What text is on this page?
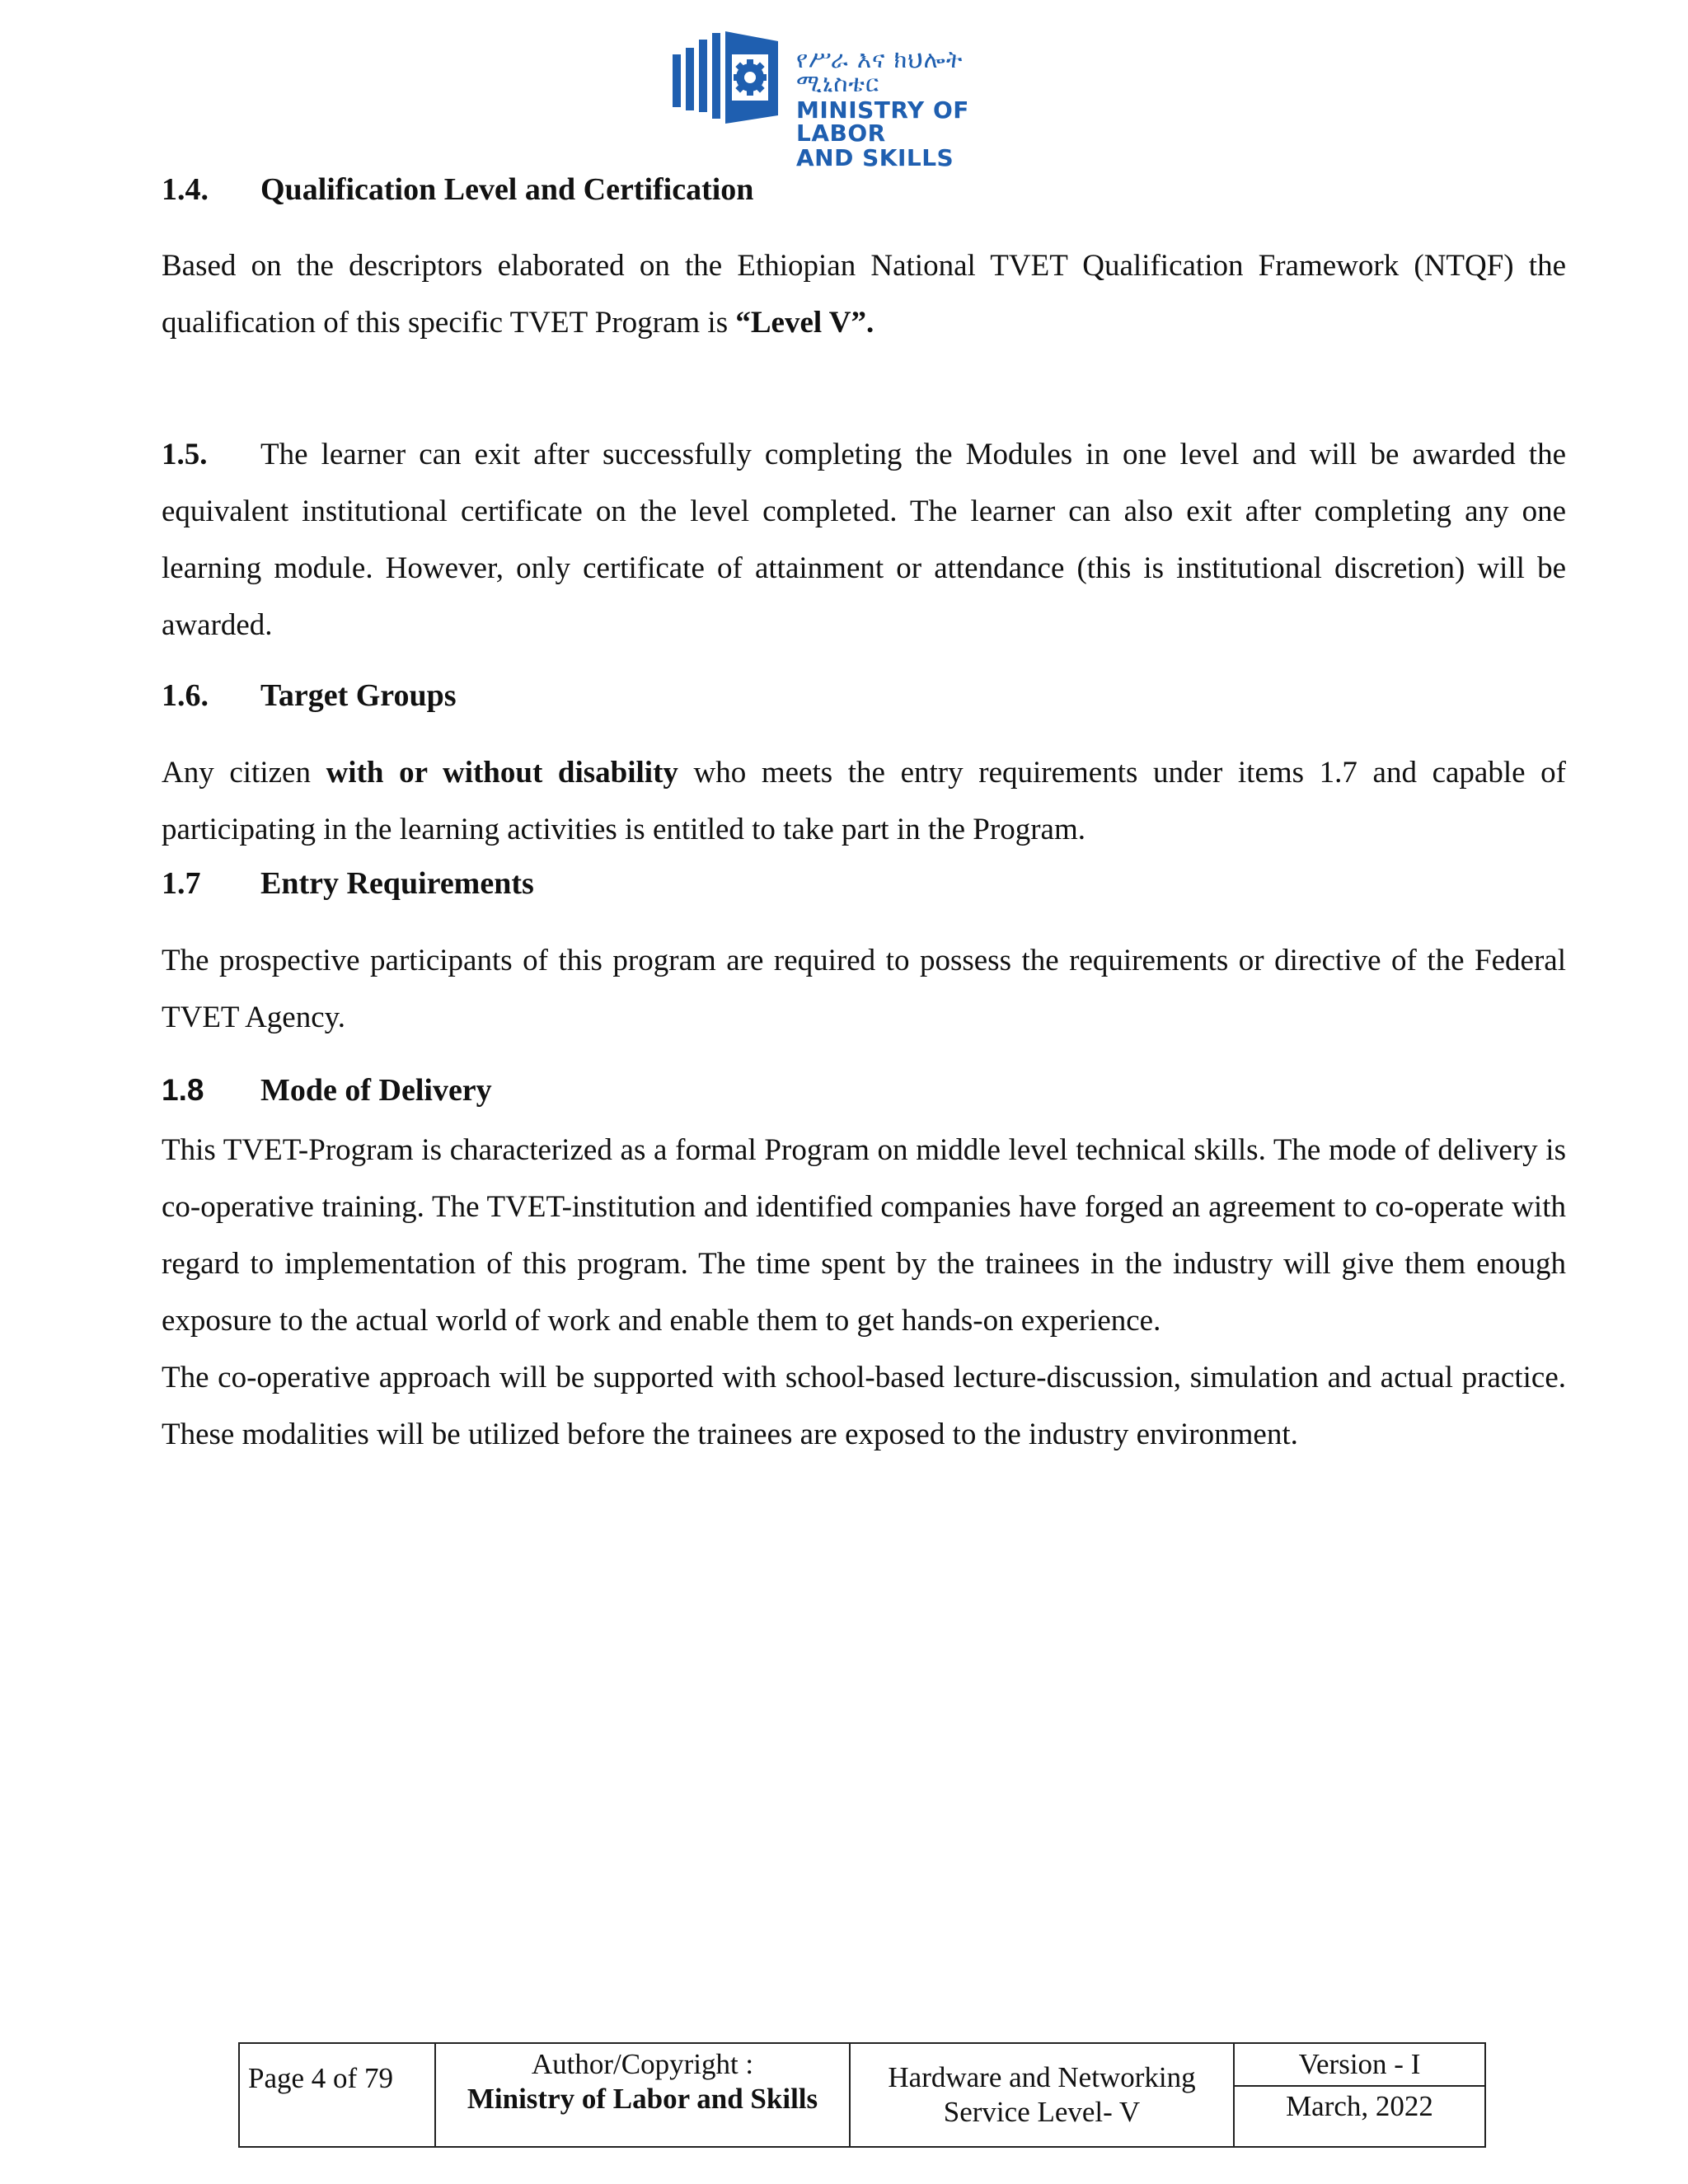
የሥራ እና ክህሎት ሚኒስቴር
MINISTRY OF LABOR
AND SKILLS
1.4. Qualification Level and Certification
Based on the descriptors elaborated on the Ethiopian National TVET Qualification Framework (NTQF) the qualification of this specific TVET Program is “Level V”.
1.5. The learner can exit after successfully completing the Modules in one level and will be awarded the equivalent institutional certificate on the level completed. The learner can also exit after completing any one learning module. However, only certificate of attainment or attendance (this is institutional discretion) will be awarded.
1.6. Target Groups
Any citizen with or without disability who meets the entry requirements under items 1.7 and capable of participating in the learning activities is entitled to take part in the Program.
1.7 Entry Requirements
The prospective participants of this program are required to possess the requirements or directive of the Federal TVET Agency.
1.8 Mode of Delivery
This TVET-Program is characterized as a formal Program on middle level technical skills. The mode of delivery is co-operative training. The TVET-institution and identified companies have forged an agreement to co-operate with regard to implementation of this program. The time spent by the trainees in the industry will give them enough exposure to the actual world of work and enable them to get hands-on experience.
The co-operative approach will be supported with school-based lecture-discussion, simulation and actual practice. These modalities will be utilized before the trainees are exposed to the industry environment.
Page 4 of 79	Author/Copyright :
Ministry of Labor and Skills
Hardware and Networking
Service Level- V
Version - I
March, 2022
